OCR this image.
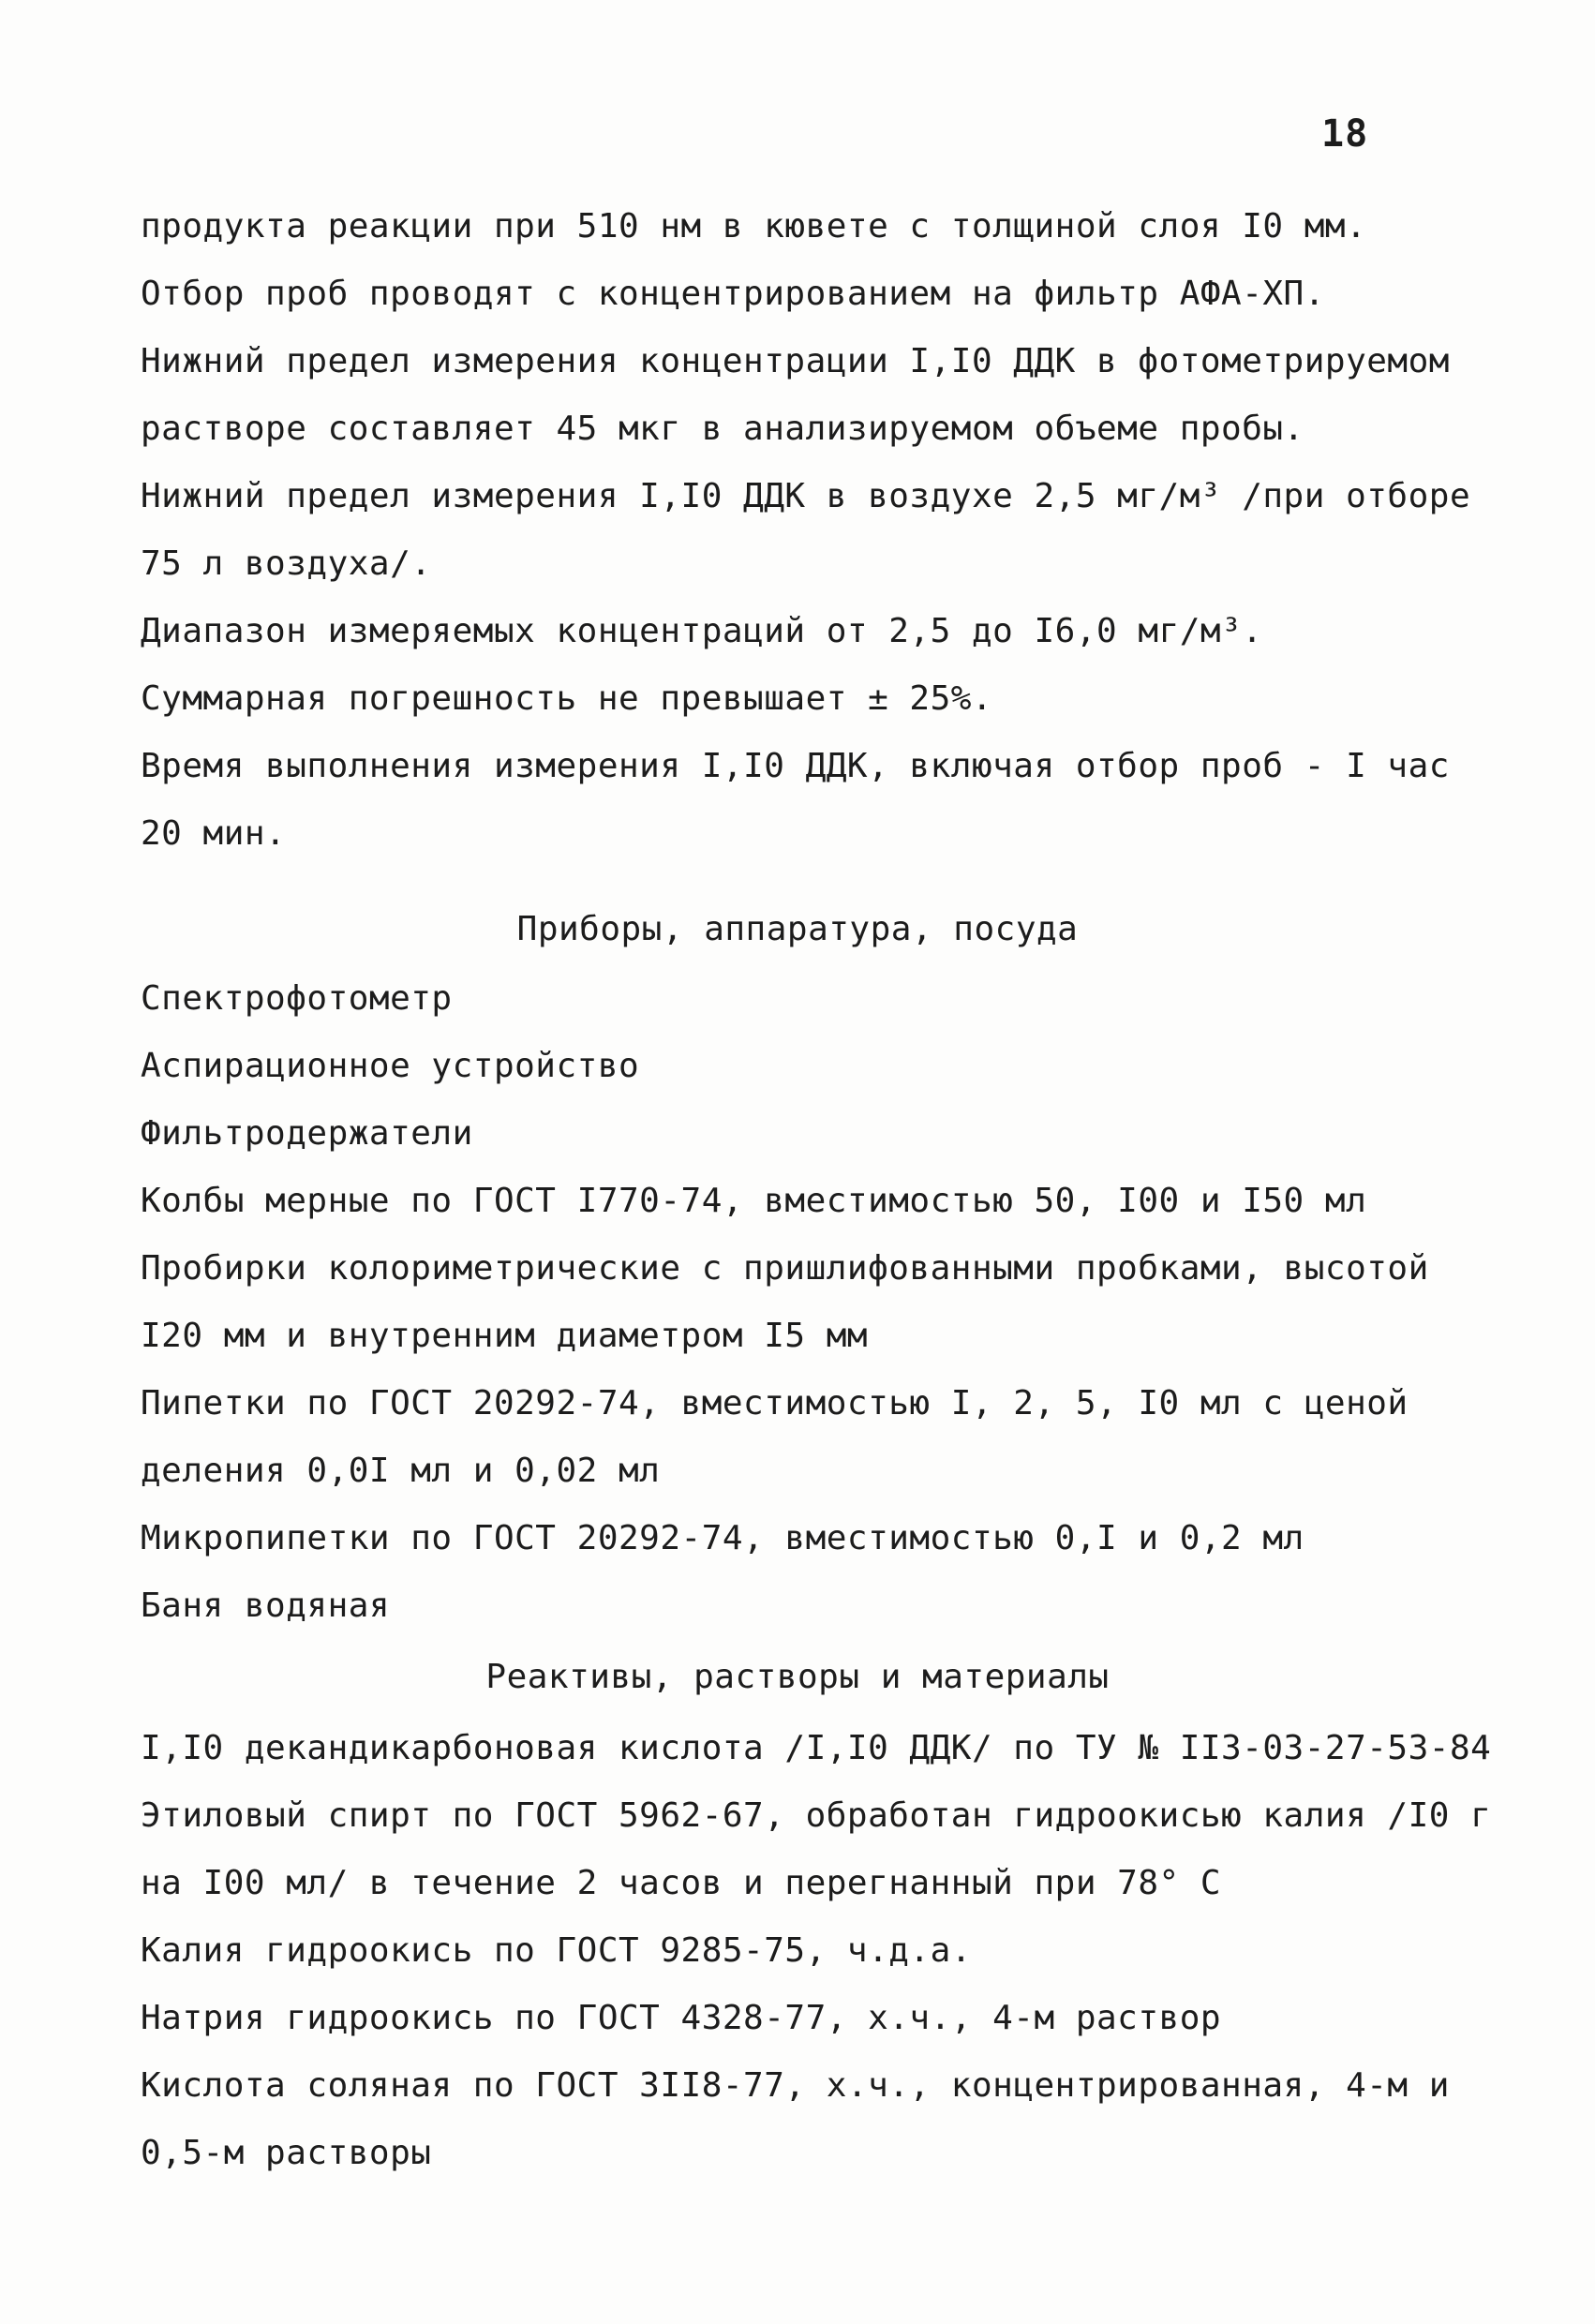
18
продукта реакции при 510 нм в кювете с толщиной слоя I0 мм.
Отбор проб проводят с концентрированием на фильтр АФА-ХП.
Нижний предел измерения концентрации I,I0 ДДК в фотометрируемом
растворе составляет 45 мкг в анализируемом объеме пробы.
Нижний предел измерения I,I0 ДДК в воздухе 2,5 мг/м³ /при отборе
75 л воздуха/.
Диапазон измеряемых концентраций от 2,5 до I6,0 мг/м³.
Суммарная погрешность не превышает ± 25%.
Время выполнения измерения I,I0 ДДК, включая отбор проб - I час
20 мин.
Приборы, аппаратура, посуда
Спектрофотометр
Аспирационное устройство
Фильтродержатели
Колбы мерные по ГОСТ I770-74, вместимостью 50, I00 и I50 мл
Пробирки колориметрические с пришлифованными пробками, высотой
I20 мм и внутренним диаметром I5 мм
Пипетки по ГОСТ 20292-74, вместимостью I, 2, 5, I0 мл с ценой
деления 0,0I мл и 0,02 мл
Микропипетки по ГОСТ 20292-74, вместимостью 0,I и 0,2 мл
Баня водяная
Реактивы, растворы и материалы
I,I0 декандикарбоновая кислота /I,I0 ДДК/ по ТУ № II3-03-27-53-84
Этиловый спирт по ГОСТ 5962-67, обработан гидроокисью калия /I0 г
на I00 мл/ в течение 2 часов и перегнанный при 78° С
Калия гидроокись по ГОСТ 9285-75, ч.д.а.
Натрия гидроокись по ГОСТ 4328-77, х.ч., 4-м раствор
Кислота соляная по ГОСТ 3II8-77, х.ч., концентрированная, 4-м и
0,5-м растворы
